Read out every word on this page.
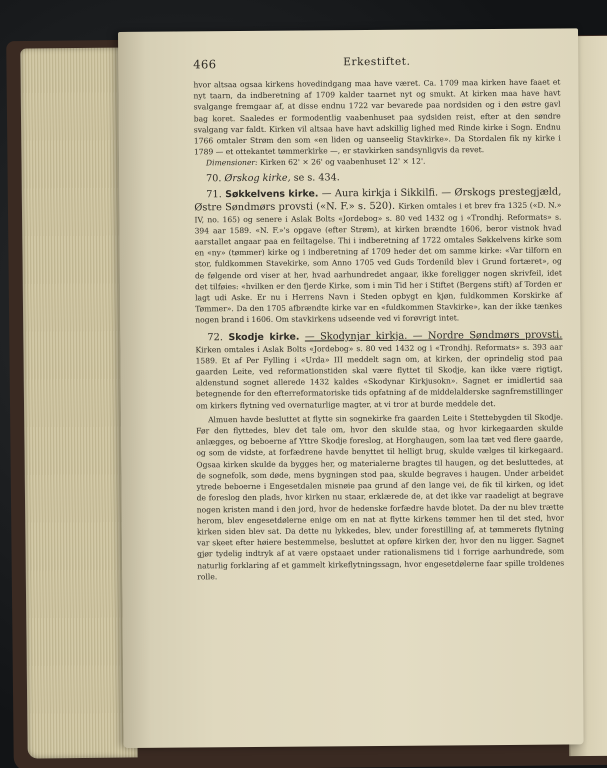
466	Erkestiftet.

hvor altsaa ogsaa kirkens hovedindgang maa have været. Ca. 1709 maa kirken have faaet et nyt taarn, da indberetning af 1709 kalder taarnet nyt og smukt. At kirken maa have havt svalgange fremgaar af, at disse endnu 1722 var bevarede paa nordsiden og i den østre gavl bag koret. Saaledes er formodentlig vaabenhuset paa sydsiden reist, efter at den søndre svalgang var faldt. Kirken vil altsaa have havt adskillig lighed med Rinde kirke i Sogn. Endnu 1766 omtaler Strøm den som «en liden og uanseelig Stavkirke». Da Stordalen fik ny kirke i 1789 — et ottekantet tømmerkirke —, er stavkirken sandsynligvis da revet.

Dimensioner: Kirken 62' × 26' og vaabenhuset 12' × 12'.

70. Ørskog kirke, se s. 434.
71. Søkkelvens kirke. — Aura kirkja i Sikkilfi. — Ørskogs prestegjæld, Østre Søndmørs provsti («N. F.» s. 520). Kirken omtales i et brev fra 1325 («D. N.» IV, no. 165) og senere i Aslak Bolts «Jordebog» s. 80 ved 1432 og i «Trondhj. Reformats» s. 394 aar 1589. «N. F.»'s opgave (efter Strøm), at kirken brændte 1606, beror vistnok hvad aarstallet angaar paa en feiltagelse. Thi i indberetning af 1722 omtales Søkkelvens kirke som en «ny» (tømmer) kirke og i indberetning af 1709 heder det om samme kirke: «Var tilforn en stor, fuldkommen Stavekirke, som Anno 1705 ved Guds Tordenild blev i Grund fortæret», og de følgende ord viser at her, hvad aarhundredet angaar, ikke foreligger nogen skrivfeil, idet det tilføies: «hvilken er den fjerde Kirke, som i min Tid her i Stiftet (Bergens stift) af Torden er lagt udi Aske. Er nu i Herrens Navn i Steden opbygt en kjøn, fuldkommen Korskirke af Tømmer». Da den 1705 afbrændte kirke var en «fuldkommen Stavkirke», kan der ikke tænkes nogen brand i 1606. Om stavkirkens udseende ved vi forøvrigt intet.
72. Skodje kirke. — Skodynjar kirkja. — Nordre Søndmørs provsti. Kirken omtales i Aslak Bolts «Jordebog» s. 80 ved 1432 og i «Trondhj. Reformats» s. 393 aar 1589. Et af Per Fylling i «Urda» III meddelt sagn om, at kirken, der oprindelig stod paa gaarden Leite, ved reformationstiden skal være flyttet til Skodje, kan ikke være rigtigt, aldenstund sognet allerede 1432 kaldes «Skodynar Kirkjusokn». Sagnet er imidlertid saa betegnende for den efterreformatoriske tids opfatning af de middelalderske sagnfremstillinger om kirkers flytning ved overnaturlige magter, at vi tror at burde meddele det.

Almuen havde besluttet at flytte sin sognekirke fra gaarden Leite i Stettebygden til Skodje. Før den flyttedes, blev det tale om, hvor den skulde staa, og hvor kirkegaarden skulde anlægges, og beboerne af Yttre Skodje foreslog, at Horghaugen, som laa tæt ved flere gaarde, og som de vidste, at forfædrene havde benyttet til helligt brug, skulde vælges til kirkegaard. Ogsaa kirken skulde da bygges her, og materialerne bragtes til haugen, og det besluttedes, at de sognefolk, som døde, mens bygningen stod paa, skulde begraves i haugen. Under arbeidet ytrede beboerne i Engesetdalen misnøie paa grund af den lange vei, de fik til kirken, og idet de foreslog den plads, hvor kirken nu staar, erklærede de, at det ikke var raadeligt at begrave nogen kristen mand i den jord, hvor de hedenske forfædre havde blotet. Da der nu blev trætte herom, blev engesetdølerne enige om en nat at flytte kirkens tømmer hen til det sted, hvor kirken siden blev sat. Da dette nu lykkedes, blev, under forestilling af, at tømmerets flytning var skeet efter høiere bestemmelse, besluttet at opføre kirken der, hvor den nu ligger. Sagnet gjør tydelig indtryk af at være opstaaet under rationalismens tid i forrige aarhundrede, som naturlig forklaring af et gammelt kirkeflytningssagn, hvor engesetdølerne faar spille troldenes rolle.
